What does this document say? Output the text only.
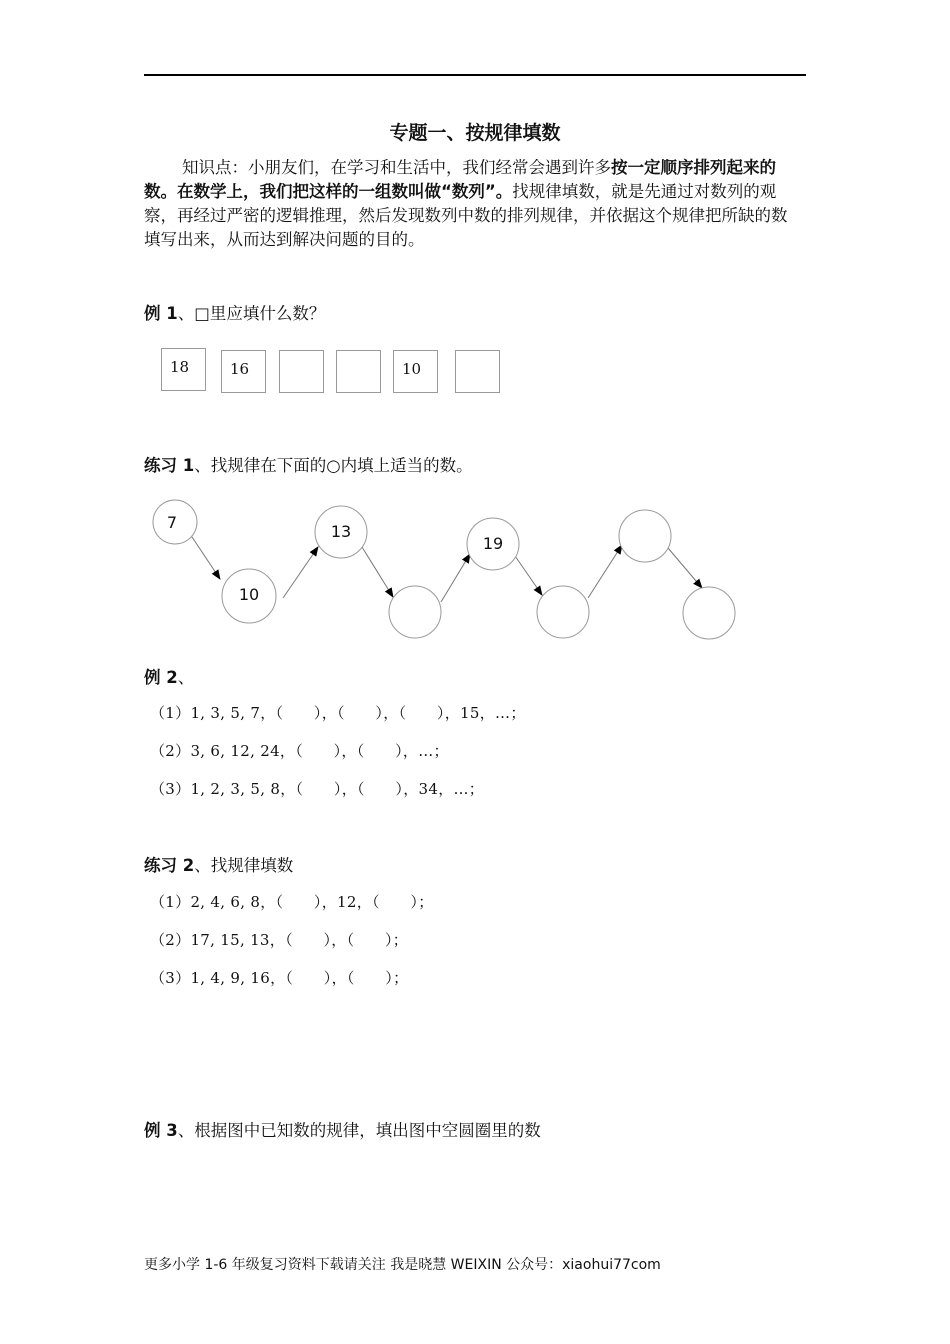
专题一、按规律填数
知识点：小朋友们，在学习和生活中，我们经常会遇到许多按一定顺序排列起来的数。在数学上，我们把这样的一组数叫做“数列”。找规律填数，就是先通过对数列的观察，再经过严密的逻辑推理，然后发现数列中数的排列规律，并依据这个规律把所缺的数填写出来，从而达到解决问题的目的。
例 1、□里应填什么数？
18	16	10
练习 1、找规律在下面的○内填上适当的数。
7
10
13
19
例 2、
（1）1, 3, 5, 7，（　　），（　　），（　　），15，…；
（2）3, 6, 12, 24，（　　），（　　），…；
（3）1, 2, 3, 5, 8，（　　），（　　），34，…；
练习 2、找规律填数
（1）2, 4, 6, 8，（　　），12，（　　）；
（2）17, 15, 13，（　　），（　　）；
（3）1, 4, 9, 16，（　　），（　　）；
例 3、根据图中已知数的规律，填出图中空圆圈里的数
更多小学 1-6 年级复习资料下载请关注 我是晓慧 WEIXIN 公众号：xiaohui77com
